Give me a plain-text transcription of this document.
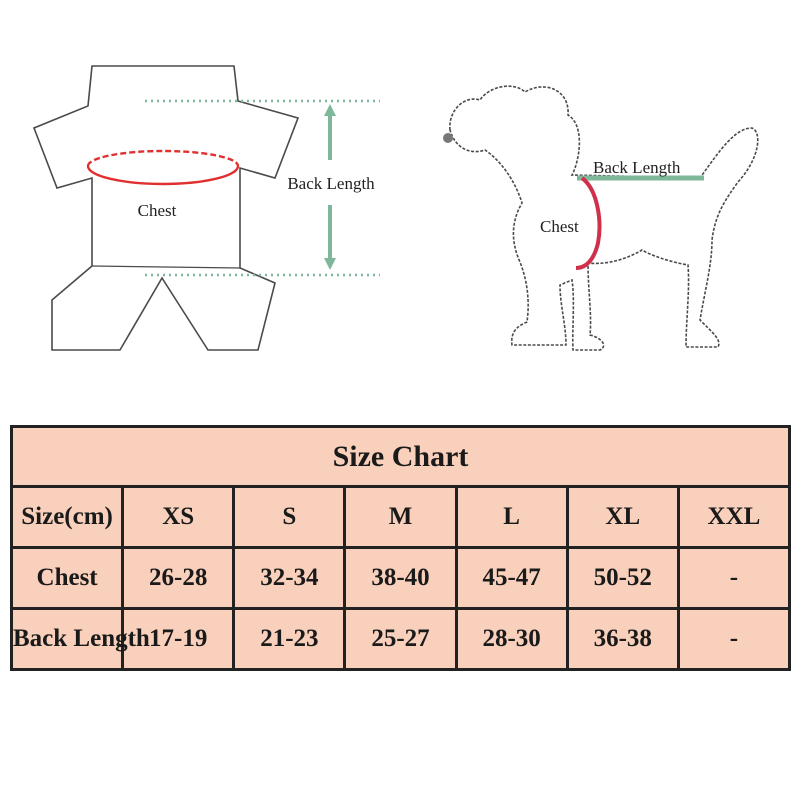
Chest
Back Length
Back Length
Chest
Size Chart						
Size(cm)	XS	S	M	L	XL	XXL
Chest	26-28	32-34	38-40	45-47	50-52	-
Back Length	17-19	21-23	25-27	28-30	36-38	-
